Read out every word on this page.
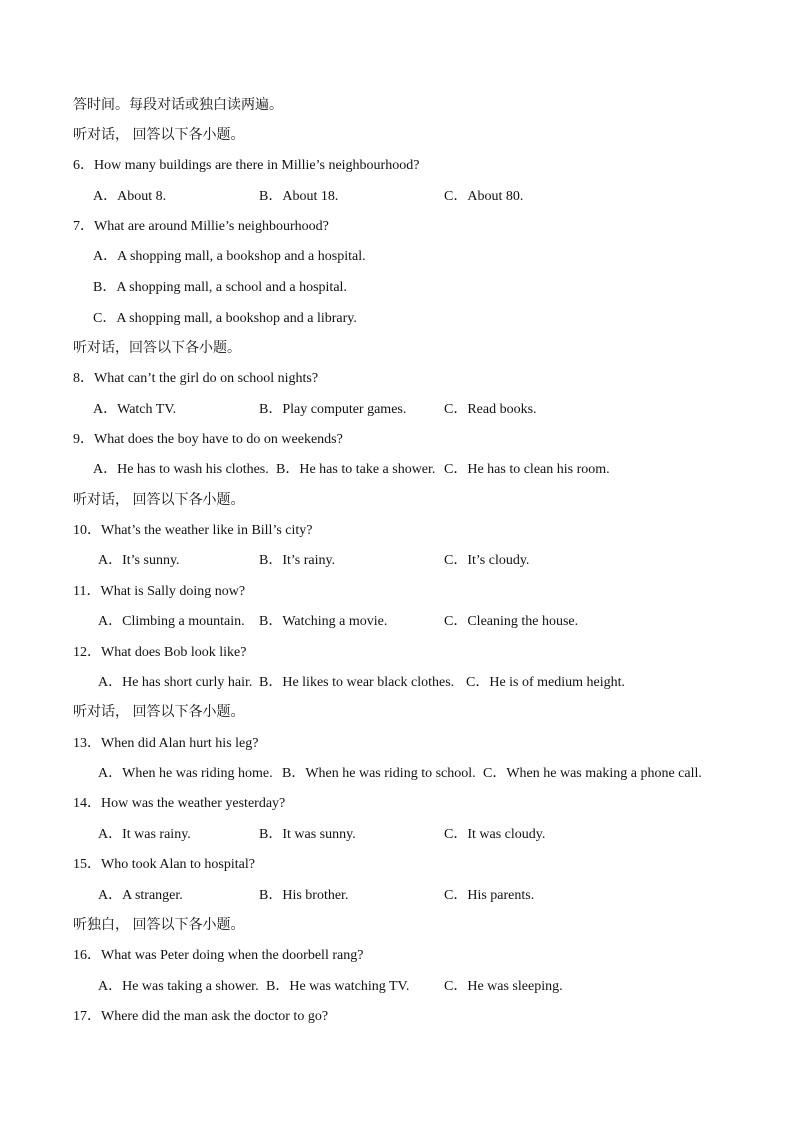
答时间。每段对话或独白读两遍。
听对话， 回答以下各小题。
6．How many buildings are there in Millie’s neighbourhood?
A．About 8.	B．About 18.	C．About 80.
7．What are around Millie’s neighbourhood?
A．A shopping mall, a bookshop and a hospital.
B．A shopping mall, a school and a hospital.
C．A shopping mall, a bookshop and a library.
听对话，回答以下各小题。
8．What can’t the girl do on school nights?
A．Watch TV.	B．Play computer games.	C．Read books.
9．What does the boy have to do on weekends?
A．He has to wash his clothes. B．He has to take a shower. C．He has to clean his room.
听对话， 回答以下各小题。
10．What’s the weather like in Bill’s city?
A．It’s sunny.	B．It’s rainy.	C．It’s cloudy.
11．What is Sally doing now?
A．Climbing a mountain. B．Watching a movie.	C．Cleaning the house.
12．What does Bob look like?
A．He has short curly hair. B．He likes to wear black clothes. C．He is of medium height.
听对话， 回答以下各小题。
13．When did Alan hurt his leg?
A．When he was riding home. B．When he was riding to school. C．When he was making a phone call.
14．How was the weather yesterday?
A．It was rainy.	B．It was sunny.	C．It was cloudy.
15．Who took Alan to hospital?
A．A stranger.	B．His brother.	C．His parents.
听独白， 回答以下各小题。
16．What was Peter doing when the doorbell rang?
A．He was taking a shower. B．He was watching TV. C．He was sleeping.
17．Where did the man ask the doctor to go?
